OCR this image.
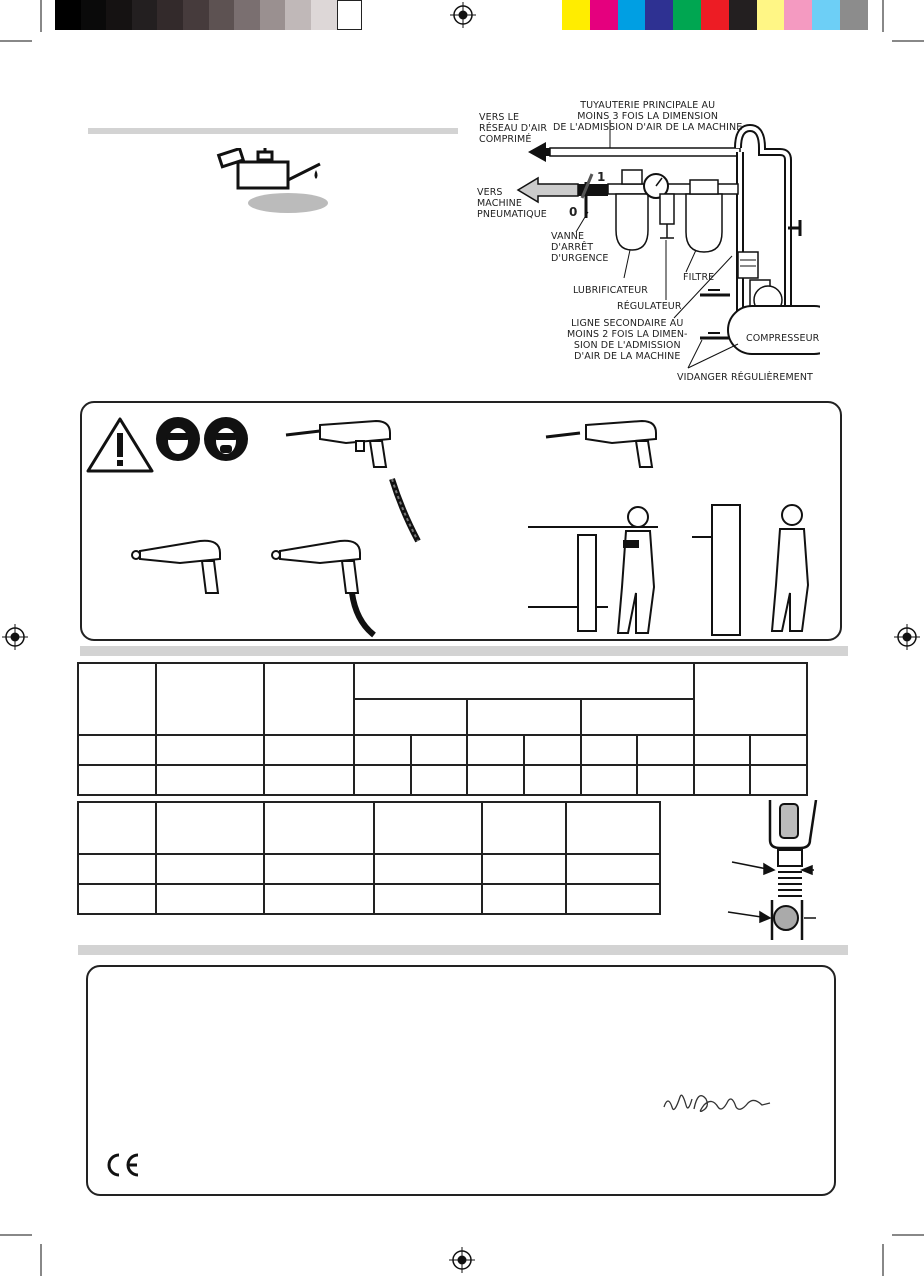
VERS LE
RÉSEAU D'AIR
COMPRIMÉ
TUYAUTERIE PRINCIPALE AU
MOINS 3 FOIS LA DIMENSION
DE L'ADMISSION D'AIR DE LA MACHINE
VERS
MACHINE
PNEUMATIQUE
1
0
VANNE
D'ARRÊT
D'URGENCE
LUBRIFICATEUR
RÉGULATEUR
FILTRE
LIGNE SECONDAIRE AU
MOINS 2 FOIS LA DIMEN-
SION DE L'ADMISSION
D'AIR DE LA MACHINE
COMPRESSEUR
VIDANGER RÉGULIÈREMENT
